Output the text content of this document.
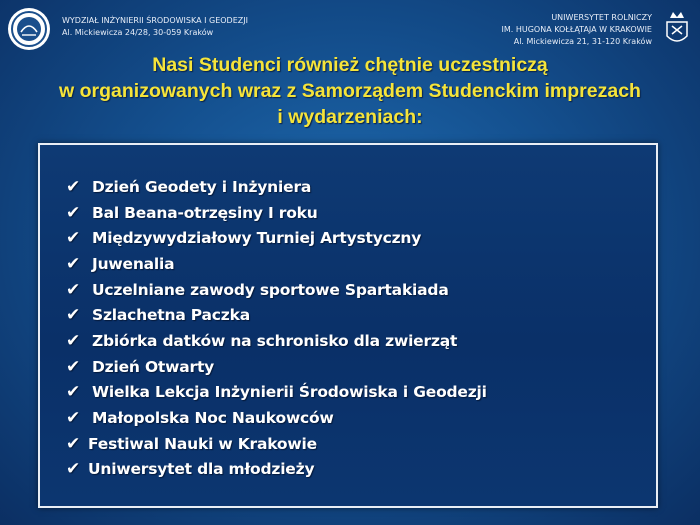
WYDZIAŁ INŻYNIERII ŚRODOWISKA I GEODEZJI
Al. Mickiewicza 24/28, 30-059 Kraków
UNIWERSYTET ROLNICZY
IM. HUGONA KOŁŁĄTAJA W KRAKOWIE
Al. Mickiewicza 21, 31-120 Kraków
Nasi Studenci również chętnie uczestniczą
w organizowanych wraz z Samorządem Studenckim imprezach
i wydarzeniach:
✔ Dzień Geodety i Inżyniera
✔ Bal Beana-otrzęsiny I roku
✔ Międzywydziałowy Turniej Artystyczny
✔ Juwenalia
✔ Uczelniane zawody sportowe Spartakiada
✔ Szlachetna Paczka
✔ Zbiórka datków na schronisko dla zwierząt
✔ Dzień Otwarty
✔ Wielka Lekcja Inżynierii Środowiska i Geodezji
✔ Małopolska Noc Naukowców
✔ Festiwal Nauki w Krakowie
✔ Uniwersytet dla młodzieży
